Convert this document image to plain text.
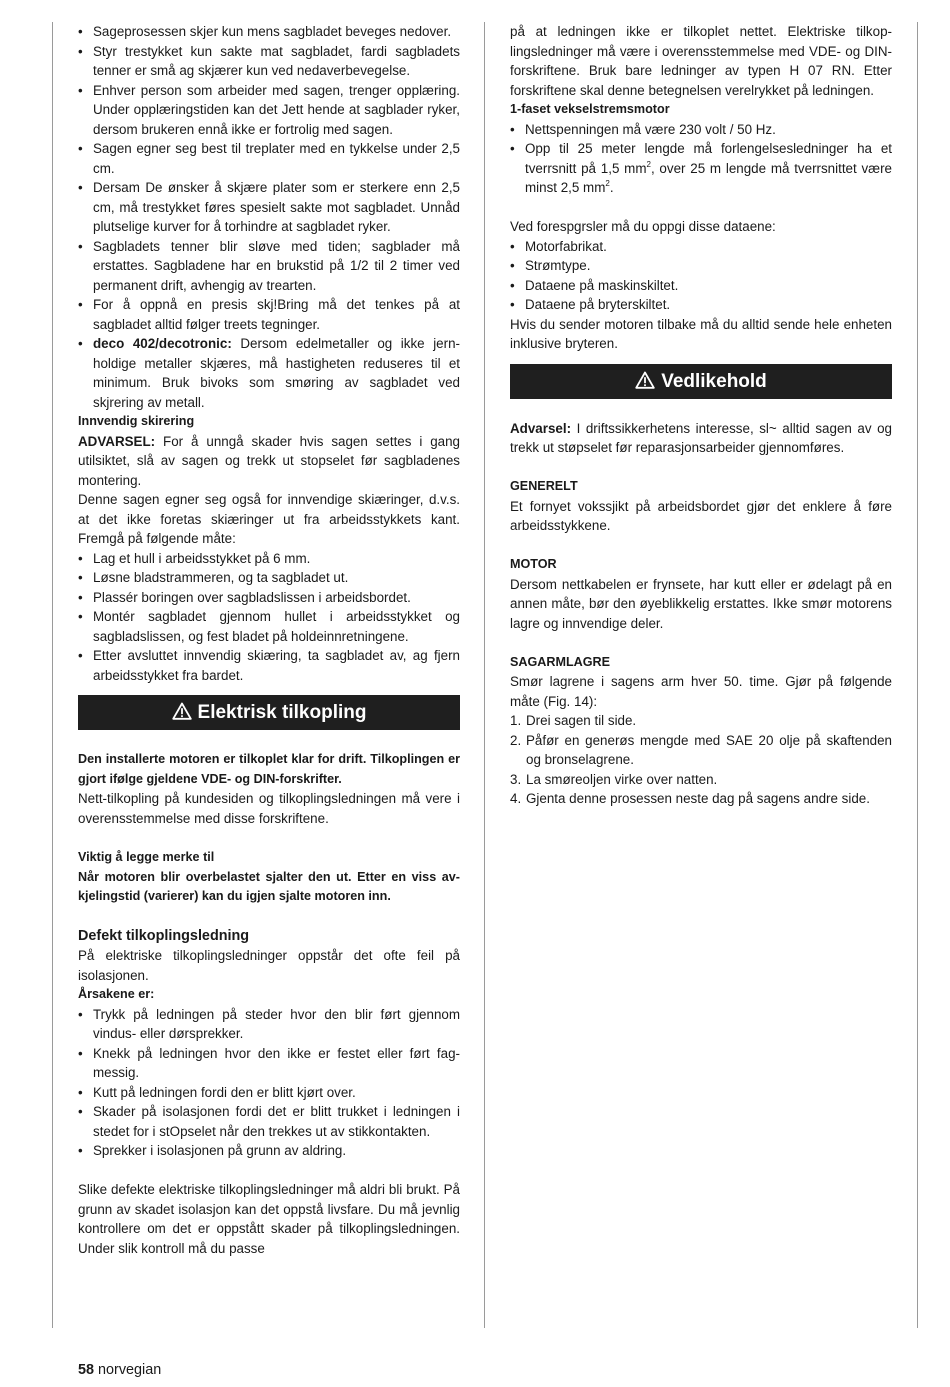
• Sageprosessen skjer kun mens sagbladet beveges nedover.
• Styr trestykket kun sakte mat sagbladet, fardi sagbladets tenner er små ag skjærer kun ved nedaverbevegelse.
• Enhver person som arbeider med sagen, trenger opplæring. Under opplæringstiden kan det Jett hende at sagblader ryker, dersom brukeren ennå ikke er fortrolig med sagen.
• Sagen egner seg best til treplater med en tykkelse under 2,5 cm.
• Dersam De ønsker å skjære plater som er sterkere enn 2,5 cm, må trestykket føres spesielt sakte mot sagbladet. Unnåd plutselige kurver for å torhindre at sagbladet ryker.
• Sagbladets tenner blir sløve med tiden; sagblader må erstattes. Sagbladene har en brukstid på 1/2 til 2 timer ved permanent drift, avhengig av trearten.
• For å oppnå en presis skj!Bring må det tenkes på at sagbladet alltid følger treets tegninger.
• deco 402/decotronic: Dersom edelmetaller og ikke jernholdige metaller skjæres, må hastigheten reduseres til et minimum. Bruk bivoks som smøring av sagbladet ved skjrering av metall.
Innvendig skirering

ADVARSEL: For å unngå skader hvis sagen settes i gang utilsiktet, slå av sagen og trekk ut stopselet før sagbladenes montering.

Denne sagen egner seg også for innvendige skiæringer, d.v.s. at det ikke foretas skiæringer ut fra arbeidsstykkets kant. Fremgå på følgende måte:

• Lag et hull i arbeidsstykket på 6 mm.
• Løsne bladstrammeren, og ta sagbladet ut.
• Plassér boringen over sagbladslissen i arbeidsbordet.
• Montér sagbladet gjennom hullet i arbeidsstykket og sagbladslissen, og fest bladet på holdeinnretningene.
• Etter avsluttet innvendig skiæring, ta sagbladet av, ag fjern arbeidsstykket fra bardet.
Elektrisk tilkopling

Den installerte motoren er tilkoplet klar for drift. Tilkoplingen er gjort ifølge gjeldene VDE- og DIN-forskrifter.

Nett-tilkopling på kundesiden og tilkoplingsledningen må vere i overensstemmelse med disse forskriftene.

Viktig å legge merke til

Når motoren blir overbelastet sjalter den ut. Etter en viss avkjelingstid (varierer) kan du igjen sjalte motoren inn.

Defekt tilkoplingsledning

På elektriske tilkoplingsledninger oppstår det ofte feil på isolasjonen.

Årsakene er:
• Trykk på ledningen på steder hvor den blir ført gjennom vindus- eller dørsprekker.
• Knekk på ledningen hvor den ikke er festet eller ført fagmessig.
• Kutt på ledningen fordi den er blitt kjørt over.
• Skader på isolasjonen fordi det er blitt trukket i ledningen i stedet for i stOpselet når den trekkes ut av stikkontakten.
• Sprekker i isolasjonen på grunn av aldring.

Slike defekte elektriske tilkoplingsledninger må aldri bli brukt. På grunn av skadet isolasjon kan det oppstå livsfare. Du må jevnlig kontrollere om det er oppstått skader på tilkoplingsledningen. Under slik kontroll må du passe

på at ledningen ikke er tilkoplet nettet. Elektriske tilkoplingsledninger må være i overensstemmelse med VDE- og DIN-forskriftene. Bruk bare ledninger av typen H 07 RN. Etter forskriftene skal denne betegnelsen verelrykket på ledningen.

1-faset vekselstremsmotor
• Nettspenningen må være 230 volt / 50 Hz.
• Opp til 25 meter lengde må forlengelsesledninger ha et tverrsnitt på 1,5 $mm^2$, over 25 m lengde må tverrsnittet være minst 2,5 $mm^2$.

Ved forespgrsler må du oppgi disse dataene:

• Motorfabrikat.
• Strømtype.
• Dataene på maskinskiltet.
• Dataene på bryterskiltet.

Hvis du sender motoren tilbake må du alltid sende hele enheten inklusive bryteren.

Vedlikehold

Advarsel: I driftssikkerhetens interesse, sl~ alltid sagen av og trekk ut støpselet før reparasjonsarbeider gjennomføres.

GENERELT

Et fornyet vokssjikt på arbeidsbordet gjør det enklere å føre arbeidsstykkene.

MOTOR

Dersom nettkabelen er frynsete, har kutt eller er ødelagt på en annen måte, bør den øyeblikkelig erstattes. Ikke smør motorens lagre og innvendige deler.

SAGARMLAGRE

Smør lagrene i sagens arm hver 50. time. Gjør på følgende måte (Fig. 14):

1. Drei sagen til side.
2. Påfør en generøs mengde med SAE 20 olje på skaftenden og bronselagrene.
3. La smøreoljen virke over natten.
4. Gjenta denne prosessen neste dag på sagens andre side.
58 norvegian
